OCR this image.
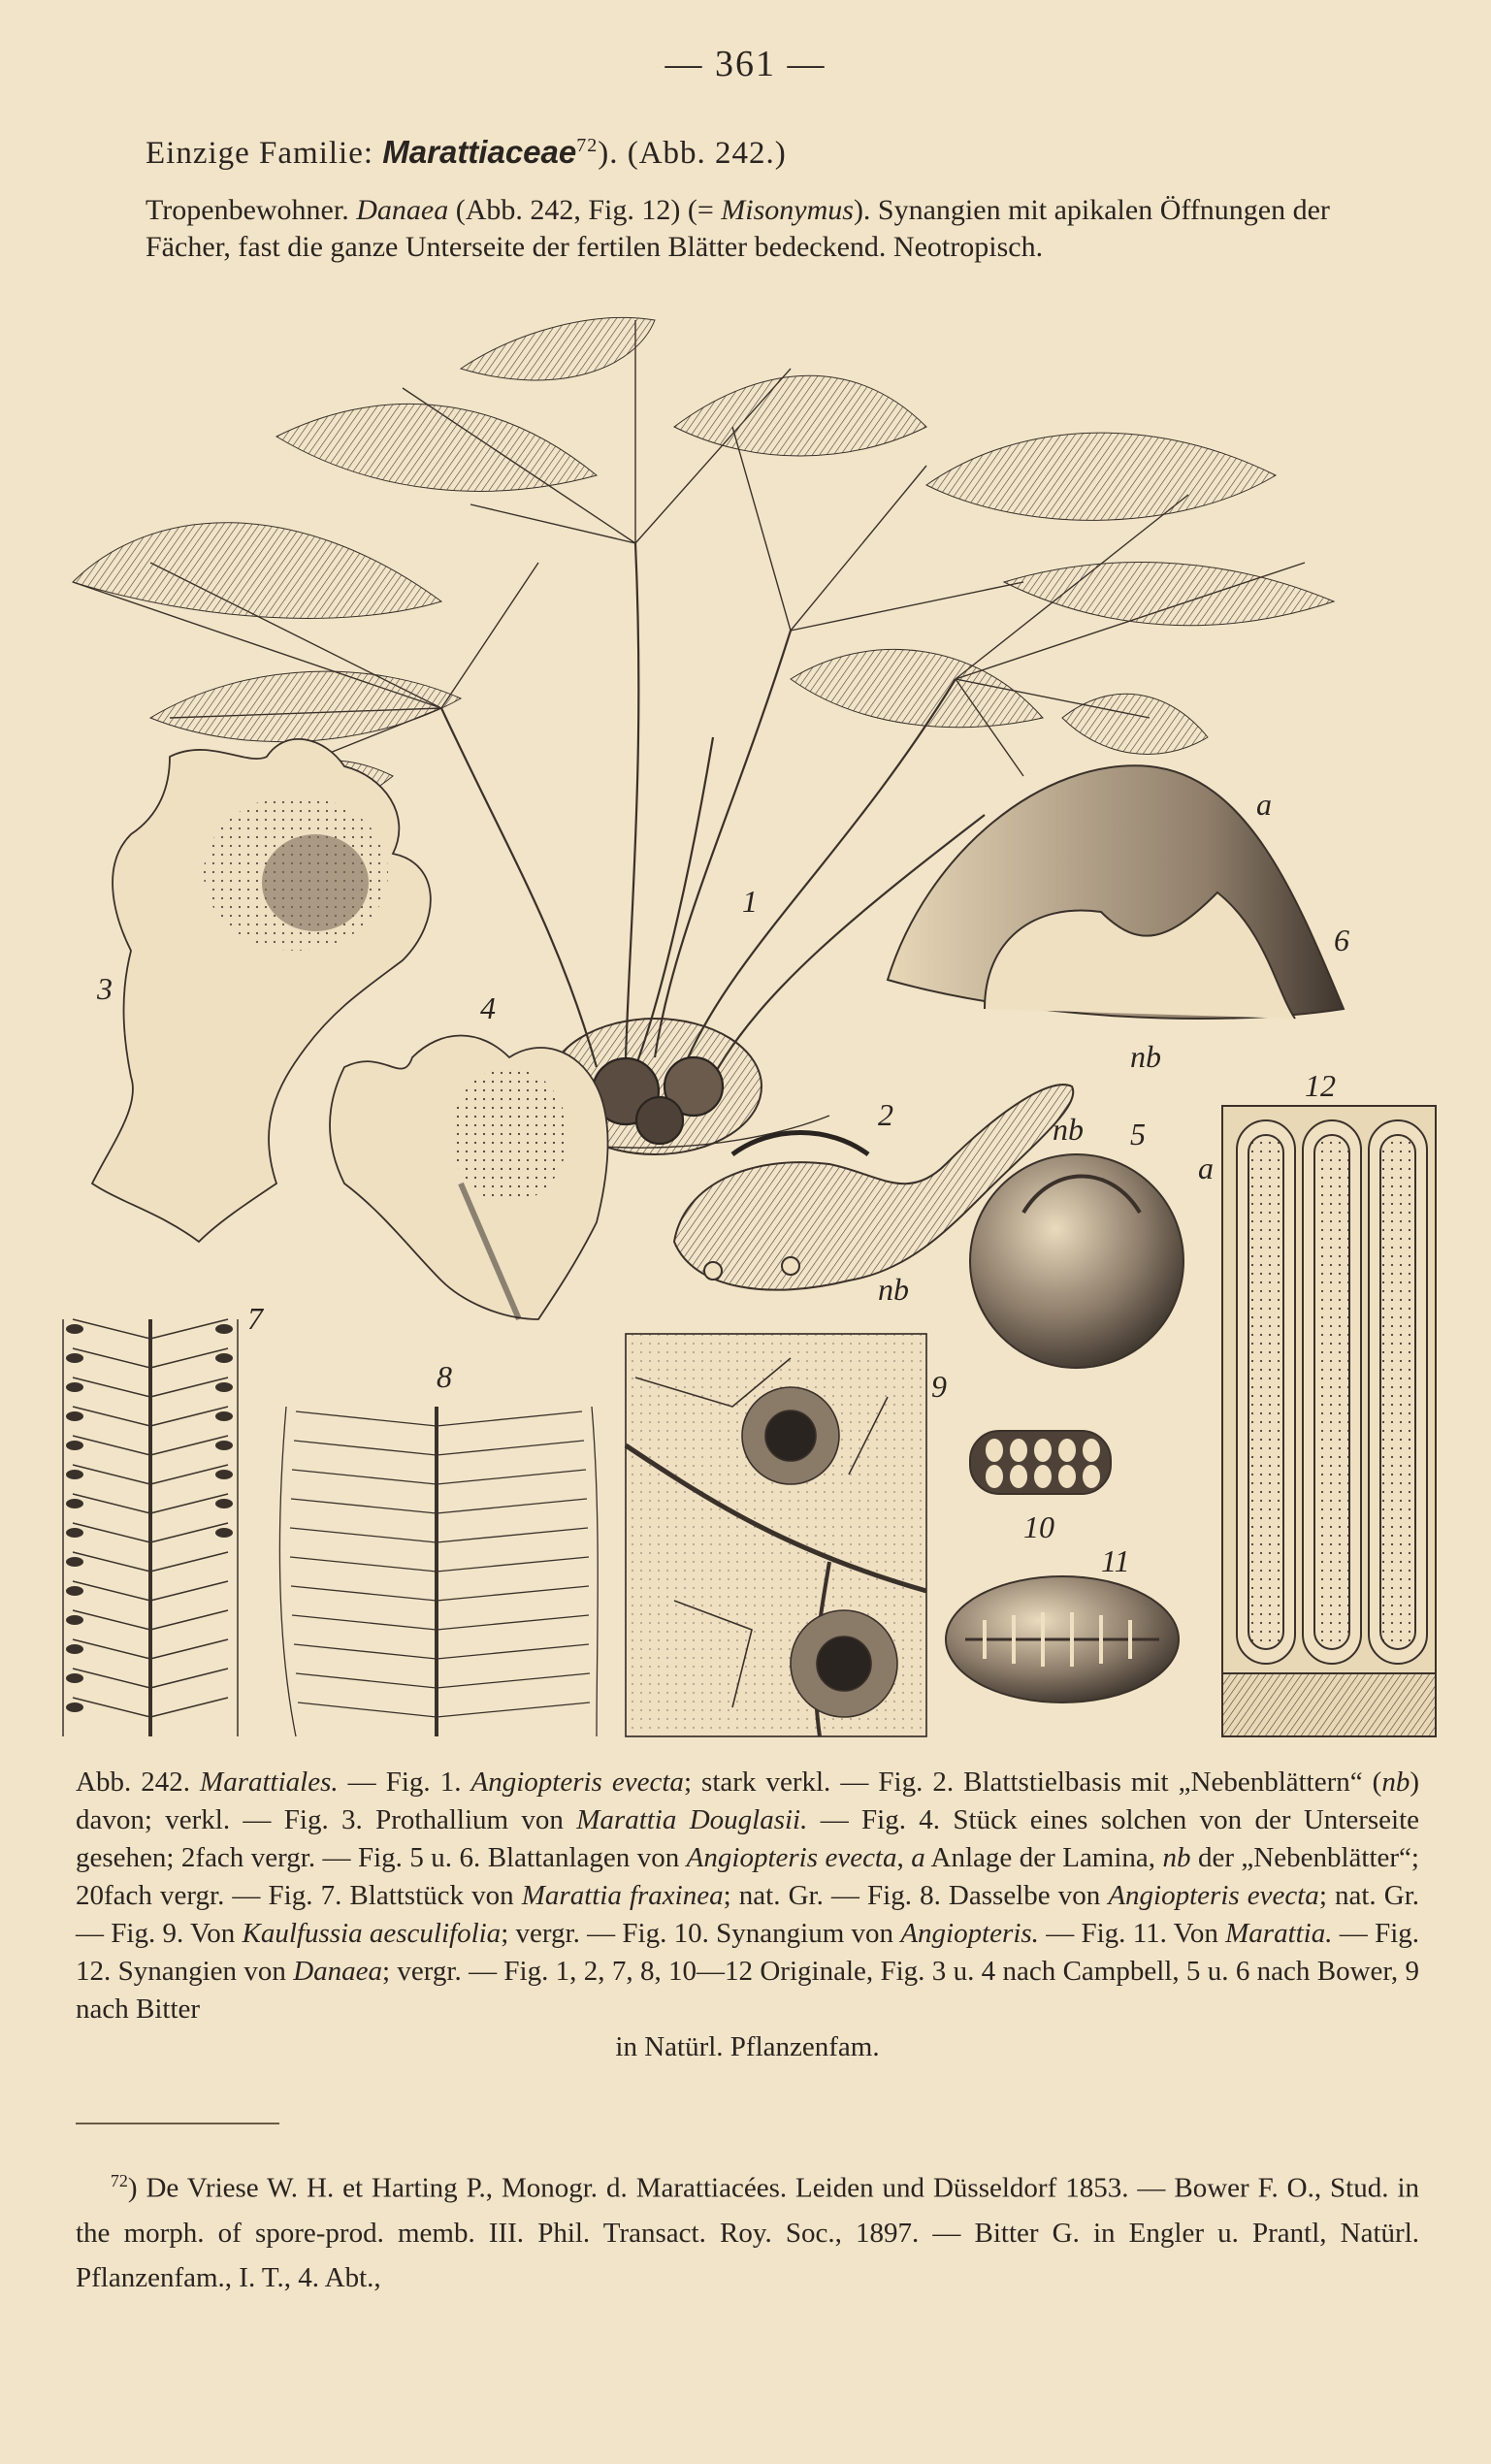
— 361 —
Einzige Familie: Marattiaceae$^{72}$). (Abb. 242.)
Tropenbewohner. Danaea (Abb. 242, Fig. 12) (= Misonymus). Synangien mit apikalen Öffnungen der Fächer, fast die ganze Unterseite der fertilen Blätter bedeckend. Neotropisch.
1
3
4
a
6
nb
2
nb
nb 5
a
12
7
8	9
10
11
Abb. 242. Marattiales. — Fig. 1. Angiopteris evecta; stark verkl. — Fig. 2. Blattstielbasis mit „Nebenblättern“ (nb) davon; verkl. — Fig. 3. Prothallium von Marattia Douglasii. — Fig. 4. Stück eines solchen von der Unterseite gesehen; 2fach vergr. — Fig. 5 u. 6. Blattanlagen von Angiopteris evecta, a Anlage der Lamina, nb der „Nebenblätter“; 20fach vergr. — Fig. 7. Blattstück von Marattia fraxinea; nat. Gr. — Fig. 8. Dasselbe von Angiopteris evecta; nat. Gr. — Fig. 9. Von Kaulfussia aesculifolia; vergr. — Fig. 10. Synangium von Angiopteris. — Fig. 11. Von Marattia. — Fig. 12. Synangien von Danaea; vergr. — Fig. 1, 2, 7, 8, 10—12 Originale, Fig. 3 u. 4 nach Campbell, 5 u. 6 nach Bower, 9 nach Bitter
in Natürl. Pflanzenfam.
$^{72}$) De Vriese W. H. et Harting P., Monogr. d. Marattiacées. Leiden und Düsseldorf 1853. — Bower F. O., Stud. in the morph. of spore-prod. memb. III. Phil. Transact. Roy. Soc., 1897. — Bitter G. in Engler u. Prantl, Natürl. Pflanzenfam., I. T., 4. Abt.,
